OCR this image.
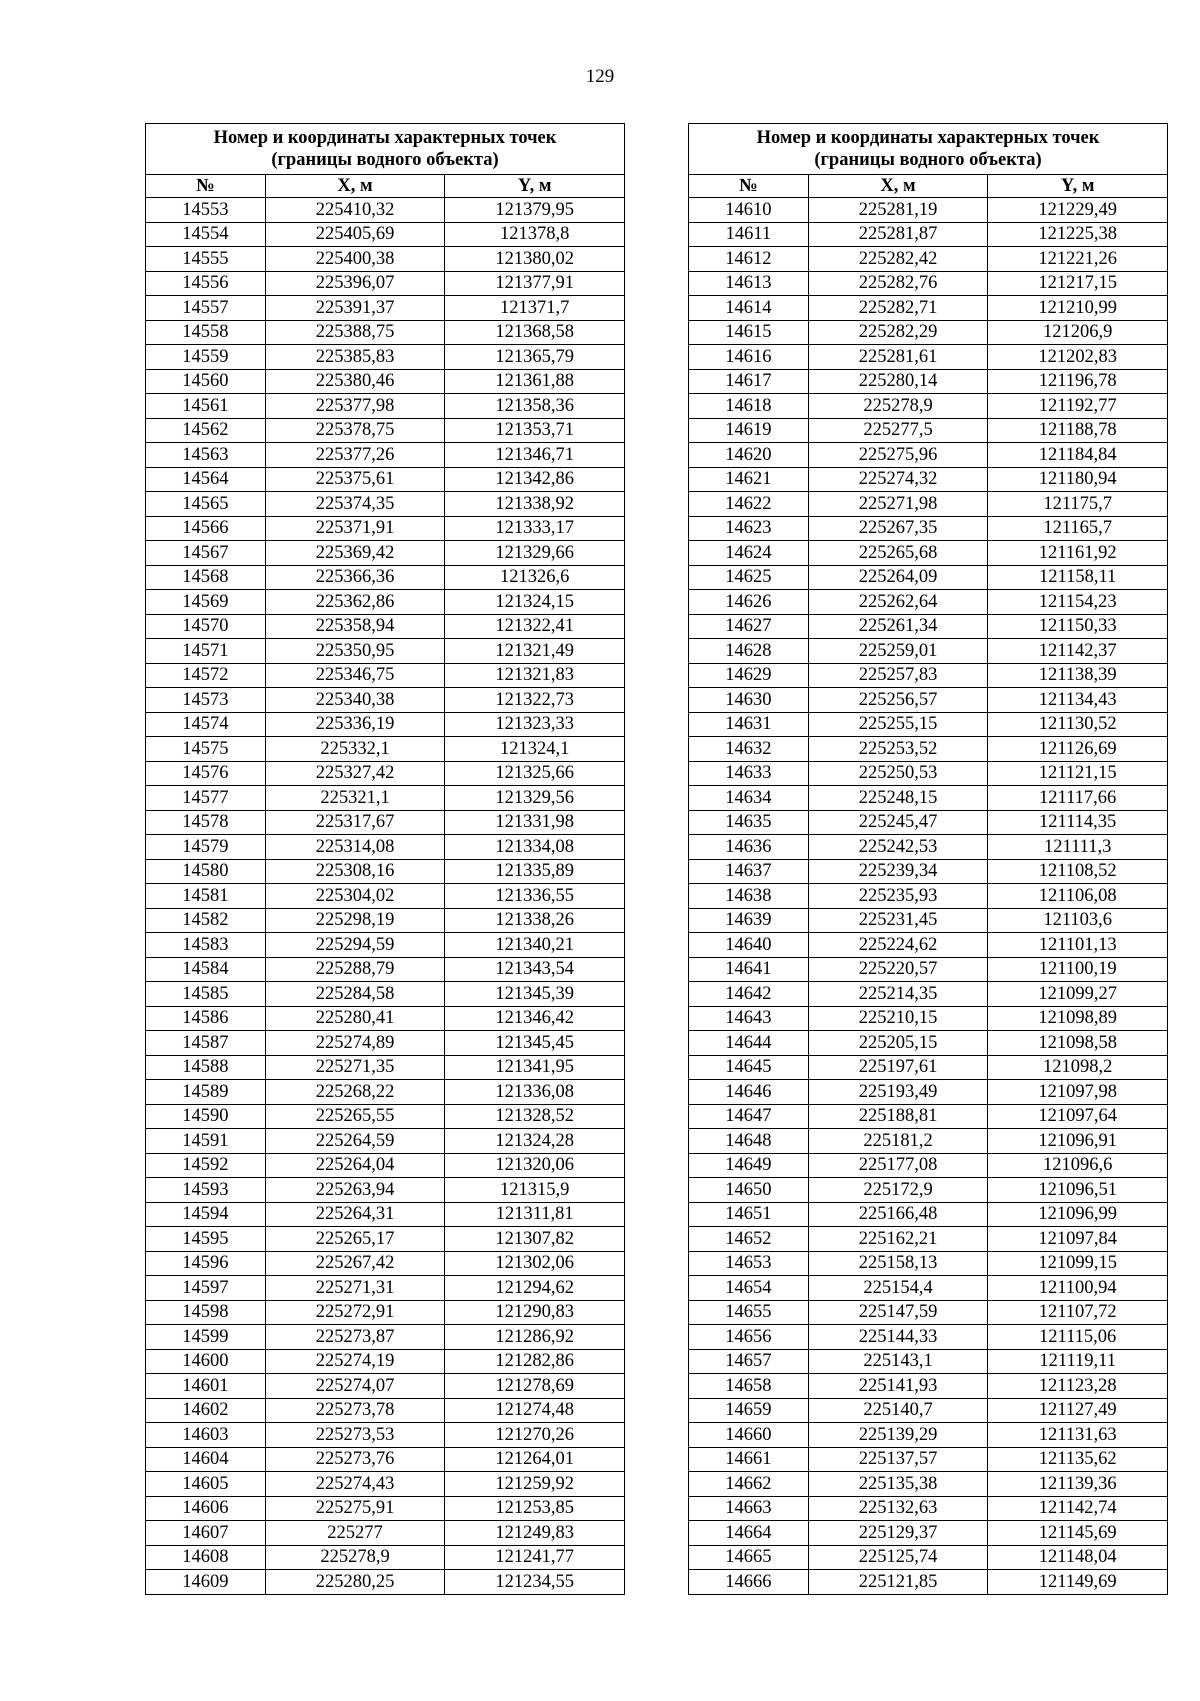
129
Номер и координаты характерных точек
(границы водного объекта)		
№	X, м	Y, м
14553	225410,32	121379,95
14554	225405,69	121378,8
14555	225400,38	121380,02
14556	225396,07	121377,91
14557	225391,37	121371,7
14558	225388,75	121368,58
14559	225385,83	121365,79
14560	225380,46	121361,88
14561	225377,98	121358,36
14562	225378,75	121353,71
14563	225377,26	121346,71
14564	225375,61	121342,86
14565	225374,35	121338,92
14566	225371,91	121333,17
14567	225369,42	121329,66
14568	225366,36	121326,6
14569	225362,86	121324,15
14570	225358,94	121322,41
14571	225350,95	121321,49
14572	225346,75	121321,83
14573	225340,38	121322,73
14574	225336,19	121323,33
14575	225332,1	121324,1
14576	225327,42	121325,66
14577	225321,1	121329,56
14578	225317,67	121331,98
14579	225314,08	121334,08
14580	225308,16	121335,89
14581	225304,02	121336,55
14582	225298,19	121338,26
14583	225294,59	121340,21
14584	225288,79	121343,54
14585	225284,58	121345,39
14586	225280,41	121346,42
14587	225274,89	121345,45
14588	225271,35	121341,95
14589	225268,22	121336,08
14590	225265,55	121328,52
14591	225264,59	121324,28
14592	225264,04	121320,06
14593	225263,94	121315,9
14594	225264,31	121311,81
14595	225265,17	121307,82
14596	225267,42	121302,06
14597	225271,31	121294,62
14598	225272,91	121290,83
14599	225273,87	121286,92
14600	225274,19	121282,86
14601	225274,07	121278,69
14602	225273,78	121274,48
14603	225273,53	121270,26
14604	225273,76	121264,01
14605	225274,43	121259,92
14606	225275,91	121253,85
14607	225277	121249,83
14608	225278,9	121241,77
14609	225280,25	121234,55
Номер и координаты характерных точек
(границы водного объекта)		
№	X, м	Y, м
14610	225281,19	121229,49
14611	225281,87	121225,38
14612	225282,42	121221,26
14613	225282,76	121217,15
14614	225282,71	121210,99
14615	225282,29	121206,9
14616	225281,61	121202,83
14617	225280,14	121196,78
14618	225278,9	121192,77
14619	225277,5	121188,78
14620	225275,96	121184,84
14621	225274,32	121180,94
14622	225271,98	121175,7
14623	225267,35	121165,7
14624	225265,68	121161,92
14625	225264,09	121158,11
14626	225262,64	121154,23
14627	225261,34	121150,33
14628	225259,01	121142,37
14629	225257,83	121138,39
14630	225256,57	121134,43
14631	225255,15	121130,52
14632	225253,52	121126,69
14633	225250,53	121121,15
14634	225248,15	121117,66
14635	225245,47	121114,35
14636	225242,53	121111,3
14637	225239,34	121108,52
14638	225235,93	121106,08
14639	225231,45	121103,6
14640	225224,62	121101,13
14641	225220,57	121100,19
14642	225214,35	121099,27
14643	225210,15	121098,89
14644	225205,15	121098,58
14645	225197,61	121098,2
14646	225193,49	121097,98
14647	225188,81	121097,64
14648	225181,2	121096,91
14649	225177,08	121096,6
14650	225172,9	121096,51
14651	225166,48	121096,99
14652	225162,21	121097,84
14653	225158,13	121099,15
14654	225154,4	121100,94
14655	225147,59	121107,72
14656	225144,33	121115,06
14657	225143,1	121119,11
14658	225141,93	121123,28
14659	225140,7	121127,49
14660	225139,29	121131,63
14661	225137,57	121135,62
14662	225135,38	121139,36
14663	225132,63	121142,74
14664	225129,37	121145,69
14665	225125,74	121148,04
14666	225121,85	121149,69
